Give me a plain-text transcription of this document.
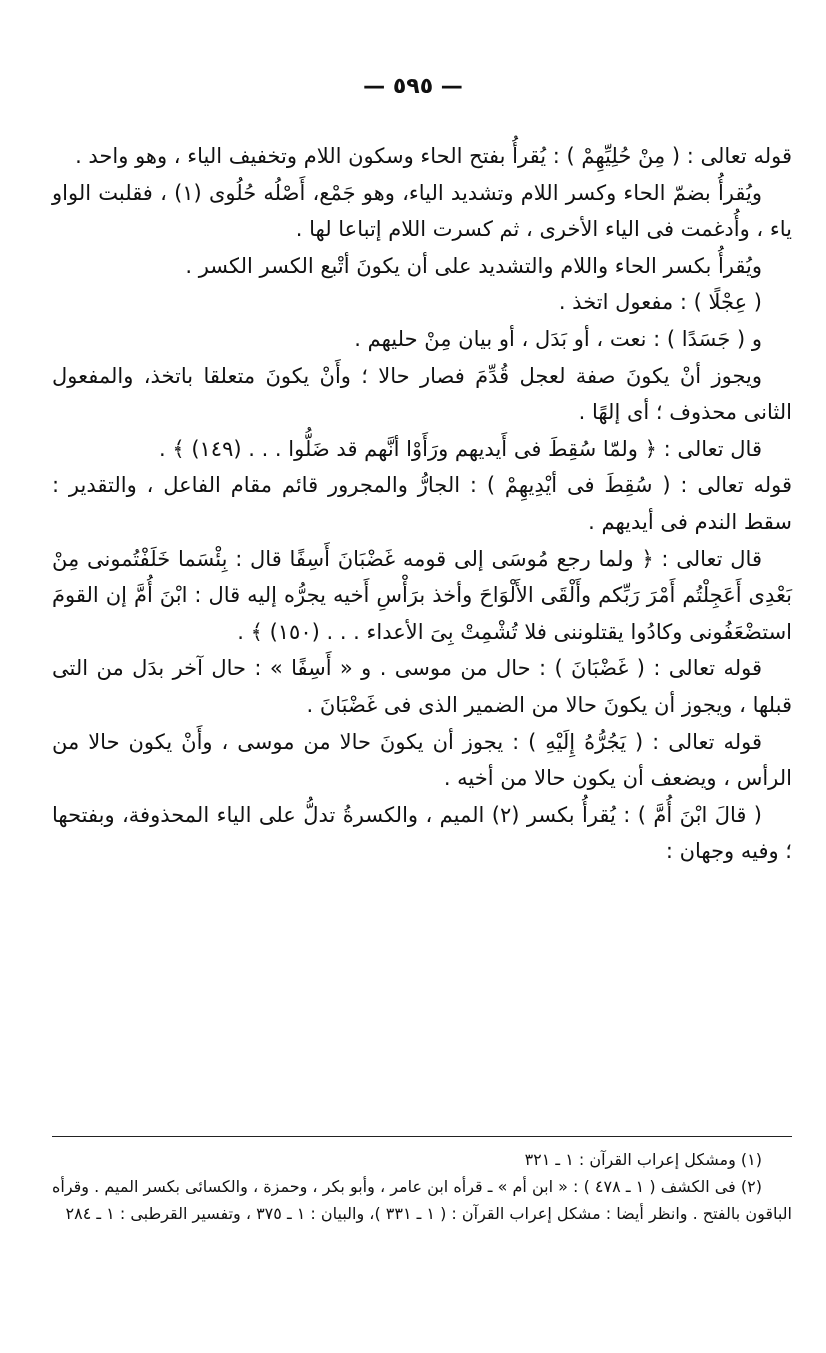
— ٥٩٥ —

قوله تعالى : ( مِنْ حُلِيِّهِمْ ) : يُقرأُ بفتح الحاء وسكون اللام وتخفيف الياء ، وهو واحد .

ويُقرأُ بضمّ الحاء وكسر اللام وتشديد الياء، وهو جَمْع، أَصْلُه حُلُوى (١) ، فقلبت الواو ياء ، وأُدغمت فى الياء الأخرى ، ثم كسرت اللام إتباعا لها .

ويُقرأُ بكسر الحاء واللام والتشديد على أن يكونَ أتْبع الكسر الكسر .

( عِجْلًا ) : مفعول اتخذ .

و ( جَسَدًا ) : نعت ، أو بَدَل ، أو بيان مِنْ حليهم .

ويجوز أنْ يكونَ صفة لعجل قُدِّمَ فصار حالا ؛ وأَنْ يكونَ متعلقا باتخذ، والمفعول الثانى محذوف ؛ أى إلهًا .

قال تعالى : ﴿ ولمّا سُقِطَ فى أَيديهم ورَأَوْا أنَّهم قد ضَلُّوا . . . (١٤٩) ﴾ .

قوله تعالى : ( سُقِطَ فى أيْدِيهِمْ ) : الجارُّ والمجرور قائم مقام الفاعل ، والتقدير : سقط الندم فى أيديهم .

قال تعالى : ﴿ ولما رجع مُوسَى إلى قومه غَضْبَانَ أَسِفًا قال : بِئْسَما خَلَفْتُمونى مِنْ بَعْدِى أَعَجِلْتُم أَمْرَ رَبِّكم وأَلْقَى الأَلْوَاحَ وأخذ برَأْسِ أَخيه يجرُّه إليه قال : ابْنَ أُمَّ إن القومَ استضْعَفُونى وكادُوا يقتلوننى فلا تُشْمِتْ بِىَ الأعداء . . . (١٥٠) ﴾ .

قوله تعالى : ( غَضْبَانَ ) : حال من موسى . و « أَسِفًا » : حال آخر بدَل من التى قبلها ، ويجوز أن يكونَ حالا من الضمير الذى فى غَضْبَانَ .

قوله تعالى : ( يَجُرُّهُ إِلَيْهِ ) : يجوز أن يكونَ حالا من موسى ، وأَنْ يكون حالا من الرأس ، ويضعف أن يكون حالا من أخيه .

( قالَ ابْنَ أُمَّ ) : يُقرأُ بكسر (٢) الميم ، والكسرةُ تدلُّ على الياء المحذوفة، وبفتحها ؛ وفيه وجهان :

(١) ومشكل إعراب القرآن : ١ ـ ٣٢١

(٢) فى الكشف ( ١ ـ ٤٧٨ ) : « ابن أم » ـ قرأه ابن عامر ، وأبو بكر ، وحمزة ، والكسائى بكسر الميم . وقرأه الباقون بالفتح . وانظر أيضا : مشكل إعراب القرآن : ( ١ ـ ٣٣١ )، والبيان : ١ ـ ٣٧٥ ، وتفسير القرطبى : ١ ـ ٢٨٤
